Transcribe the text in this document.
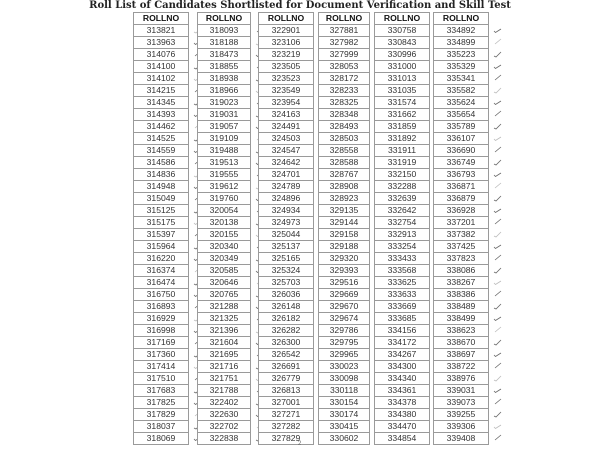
Roll List of Candidates Shortlisted for Document Verification and Skill Test
ROLLNO
313821
313963
314076
314100
314102
314215
314345
314393
314462
314525
314559
314586
314836
314948
315049
315125
315175
315397
315964
316220
316374
316474
316750
316893
316929
316998
317169
317360
317414
317510
317683
317825
317829
318037
318069
ROLLNO
318093
318188
318473
318855
318938
318966
319023
319031
319057
319109
319488
319513
319555
319612
319760
320054
320138
320155
320340
320349
320585
320646
320765
321288
321325
321396
321604
321695
321716
321751
321788
322402
322630
322702
322838
ROLLNO
322901
323106
323219
323505
323523
323549
323954
324163
324491
324503
324547
324642
324701
324789
324896
324934
324973
325044
325137
325165
325324
325703
326036
326148
326182
326282
326300
326542
326691
326779
326813
327001
327271
327282
327829
ROLLNO
327881
327982
327999
328053
328172
328233
328325
328348
328493
328503
328558
328588
328767
328908
328923
329135
329144
329158
329188
329320
329393
329516
329669
329670
329674
329786
329795
329965
330023
330098
330118
330154
330174
330415
330602
ROLLNO
330758
330843
330996
331000
331013
331035
331574
331662
331859
331892
331911
331919
332150
332288
332639
332642
332754
332913
333254
333433
333568
333625
333633
333669
333685
334156
334172
334267
334300
334340
334361
334378
334380
334470
334854
ROLLNO
334892
334899
335223
335329
335341
335582
335624
335654
335789
336107
336690
336749
336793
336871
336879
336928
337201
337382
337425
337823
338086
338267
338386
338489
338499
338623
338670
338697
338722
338976
339031
339073
339255
339306
339408
2
